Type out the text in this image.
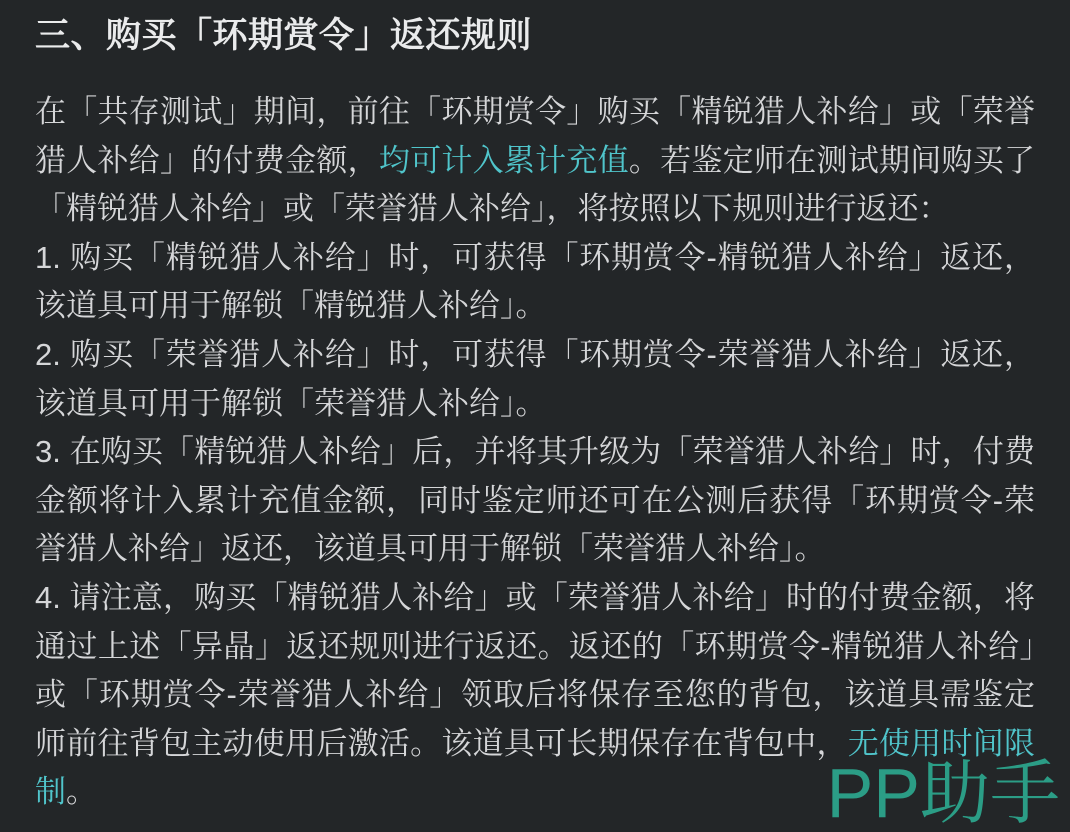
三、购买「环期赏令」返还规则

在「共存测试」期间，前往「环期赏令」购买「精锐猎人补给」或「荣誉猎人补给」的付费金额，均可计入累计充值。若鉴定师在测试期间购买了「精锐猎人补给」或「荣誉猎人补给」，将按照以下规则进行返还：

1. 购买「精锐猎人补给」时，可获得「环期赏令-精锐猎人补给」返还，该道具可用于解锁「精锐猎人补给」。

2. 购买「荣誉猎人补给」时，可获得「环期赏令-荣誉猎人补给」返还，该道具可用于解锁「荣誉猎人补给」。

3. 在购买「精锐猎人补给」后，并将其升级为「荣誉猎人补给」时，付费金额将计入累计充值金额，同时鉴定师还可在公测后获得「环期赏令-荣誉猎人补给」返还，该道具可用于解锁「荣誉猎人补给」。

4. 请注意，购买「精锐猎人补给」或「荣誉猎人补给」时的付费金额，将通过上述「异晶」返还规则进行返还。返还的「环期赏令-精锐猎人补给」或「环期赏令-荣誉猎人补给」领取后将保存至您的背包，该道具需鉴定师前往背包主动使用后激活。该道具可长期保存在背包中，无使用时间限制。	PP助手
